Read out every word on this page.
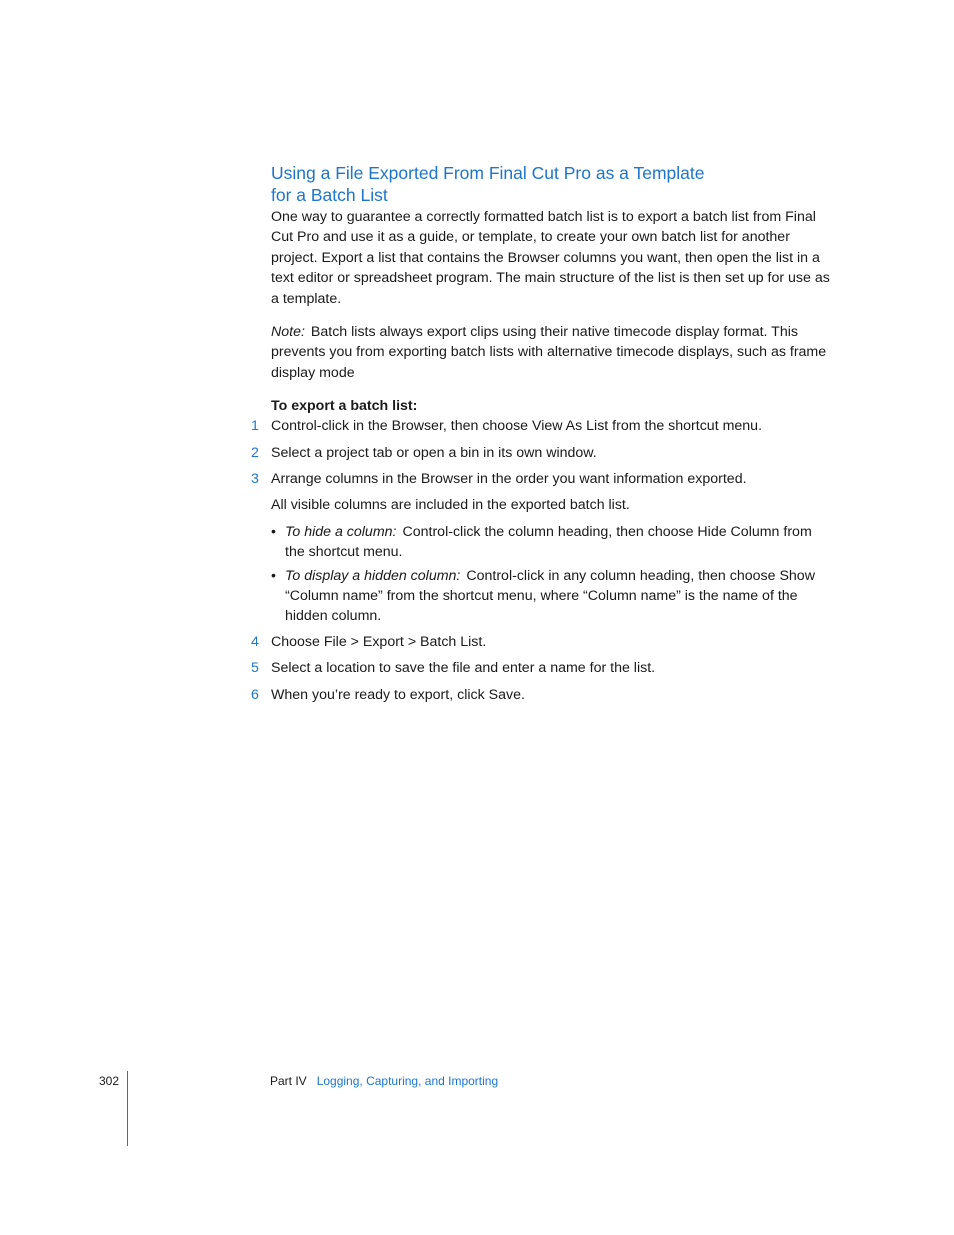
Using a File Exported From Final Cut Pro as a Template
for a Batch List

One way to guarantee a correctly formatted batch list is to export a batch list from Final Cut Pro and use it as a guide, or template, to create your own batch list for another project. Export a list that contains the Browser columns you want, then open the list in a text editor or spreadsheet program. The main structure of the list is then set up for use as a template.

Note: Batch lists always export clips using their native timecode display format. This prevents you from exporting batch lists with alternative timecode displays, such as frame display mode

To export a batch list:

1 Control-click in the Browser, then choose View As List from the shortcut menu.
2 Select a project tab or open a bin in its own window.
3 Arrange columns in the Browser in the order you want information exported.

All visible columns are included in the exported batch list.

• To hide a column: Control-click the column heading, then choose Hide Column from the shortcut menu.
• To display a hidden column: Control-click in any column heading, then choose Show “Column name” from the shortcut menu, where “Column name” is the name of the hidden column.
4 Choose File > Export > Batch List.
5 Select a location to save the file and enter a name for the list.
6 When you’re ready to export, click Save.
302	Part IV Logging, Capturing, and Importing
